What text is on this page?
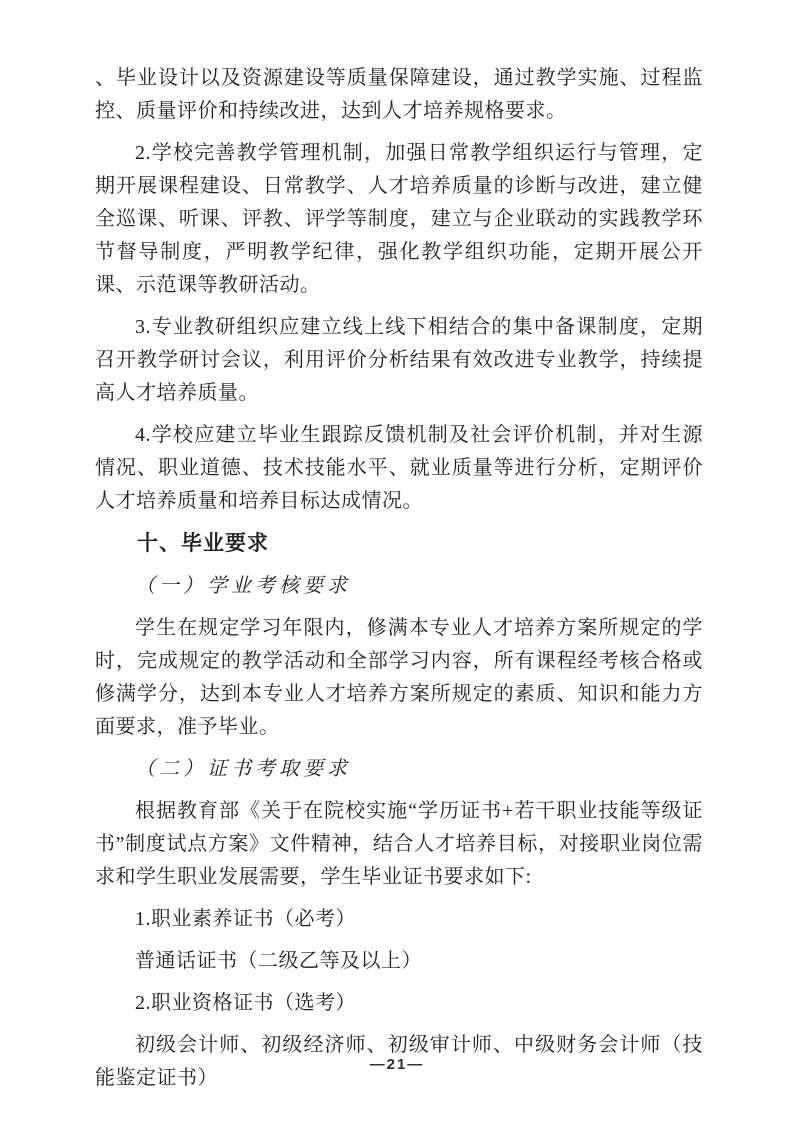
、毕业设计以及资源建设等质量保障建设，通过教学实施、过程监控、质量评价和持续改进，达到人才培养规格要求。

2.学校完善教学管理机制，加强日常教学组织运行与管理，定期开展课程建设、日常教学、人才培养质量的诊断与改进，建立健全巡课、听课、评教、评学等制度，建立与企业联动的实践教学环节督导制度，严明教学纪律，强化教学组织功能，定期开展公开课、示范课等教研活动。

3.专业教研组织应建立线上线下相结合的集中备课制度，定期召开教学研讨会议，利用评价分析结果有效改进专业教学，持续提高人才培养质量。

4.学校应建立毕业生跟踪反馈机制及社会评价机制，并对生源情况、职业道德、技术技能水平、就业质量等进行分析，定期评价人才培养质量和培养目标达成情况。

十、毕业要求

（一）学业考核要求

学生在规定学习年限内，修满本专业人才培养方案所规定的学时，完成规定的教学活动和全部学习内容，所有课程经考核合格或修满学分，达到本专业人才培养方案所规定的素质、知识和能力方面要求，准予毕业。

（二）证书考取要求

根据教育部《关于在院校实施“学历证书+若干职业技能等级证书”制度试点方案》文件精神，结合人才培养目标，对接职业岗位需求和学生职业发展需要，学生毕业证书要求如下:

1.职业素养证书（必考）

普通话证书（二级乙等及以上）

2.职业资格证书（选考）

初级会计师、初级经济师、初级审计师、中级财务会计师（技能鉴定证书）

—21—
